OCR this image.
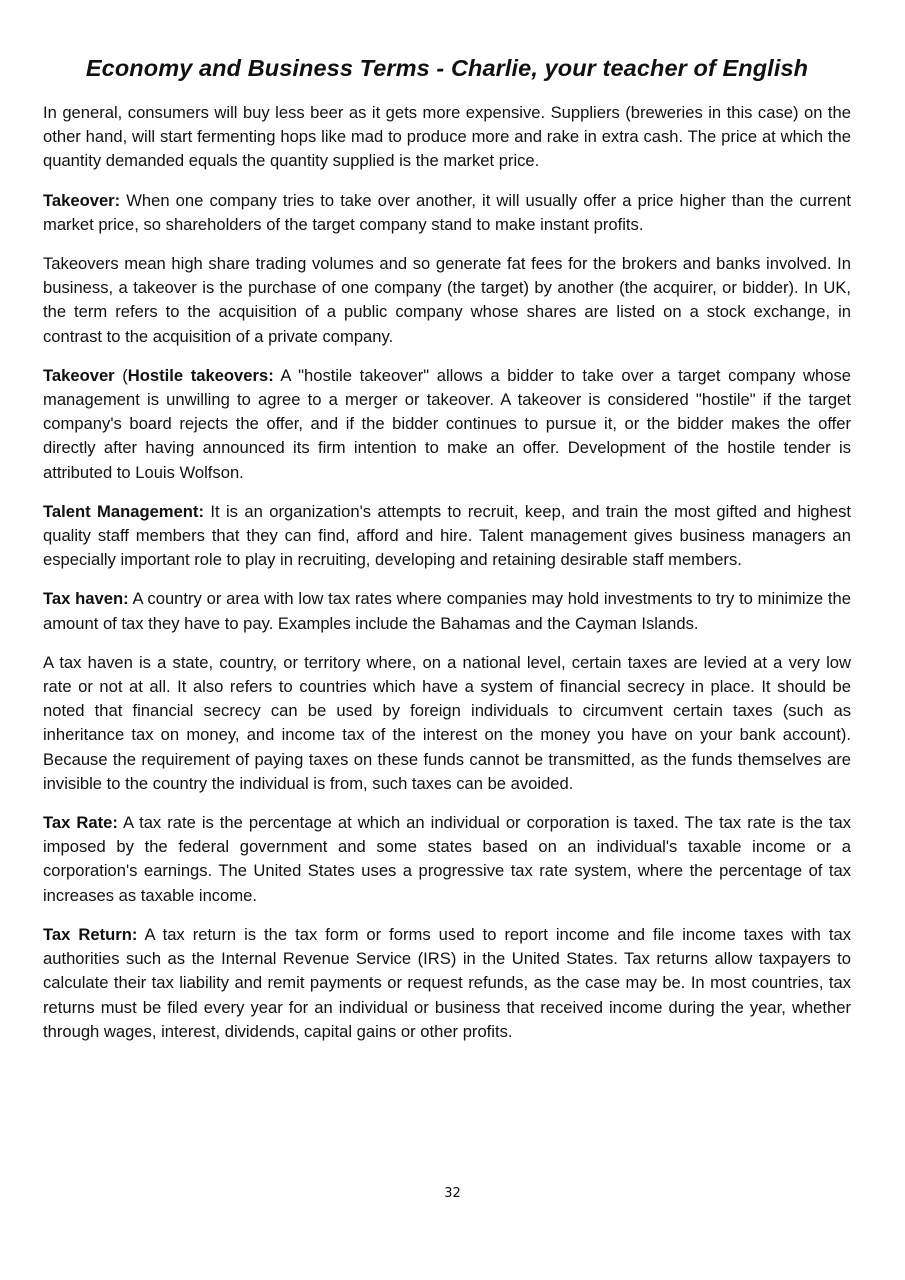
Economy and Business Terms - Charlie, your teacher of English

In general, consumers will buy less beer as it gets more expensive. Suppliers (breweries in this case) on the other hand, will start fermenting hops like mad to produce more and rake in extra cash. The price at which the quantity demanded equals the quantity supplied is the market price.

Takeover: When one company tries to take over another, it will usually offer a price higher than the current market price, so shareholders of the target company stand to make instant profits.

Takeovers mean high share trading volumes and so generate fat fees for the brokers and banks involved. In business, a takeover is the purchase of one company (the target) by another (the acquirer, or bidder). In UK, the term refers to the acquisition of a public company whose shares are listed on a stock exchange, in contrast to the acquisition of a private company.

Takeover (Hostile takeovers: A "hostile takeover" allows a bidder to take over a target company whose management is unwilling to agree to a merger or takeover. A takeover is considered "hostile" if the target company's board rejects the offer, and if the bidder continues to pursue it, or the bidder makes the offer directly after having announced its firm intention to make an offer. Development of the hostile tender is attributed to Louis Wolfson.

Talent Management: It is an organization's attempts to recruit, keep, and train the most gifted and highest quality staff members that they can find, afford and hire. Talent management gives business managers an especially important role to play in recruiting, developing and retaining desirable staff members.

Tax haven: A country or area with low tax rates where companies may hold investments to try to minimize the amount of tax they have to pay. Examples include the Bahamas and the Cayman Islands.

A tax haven is a state, country, or territory where, on a national level, certain taxes are levied at a very low rate or not at all. It also refers to countries which have a system of financial secrecy in place. It should be noted that financial secrecy can be used by foreign individuals to circumvent certain taxes (such as inheritance tax on money, and income tax of the interest on the money you have on your bank account). Because the requirement of paying taxes on these funds cannot be transmitted, as the funds themselves are invisible to the country the individual is from, such taxes can be avoided.

Tax Rate: A tax rate is the percentage at which an individual or corporation is taxed. The tax rate is the tax imposed by the federal government and some states based on an individual's taxable income or a corporation's earnings. The United States uses a progressive tax rate system, where the percentage of tax increases as taxable income.

Tax Return: A tax return is the tax form or forms used to report income and file income taxes with tax authorities such as the Internal Revenue Service (IRS) in the United States. Tax returns allow taxpayers to calculate their tax liability and remit payments or request refunds, as the case may be. In most countries, tax returns must be filed every year for an individual or business that received income during the year, whether through wages, interest, dividends, capital gains or other profits.

32
